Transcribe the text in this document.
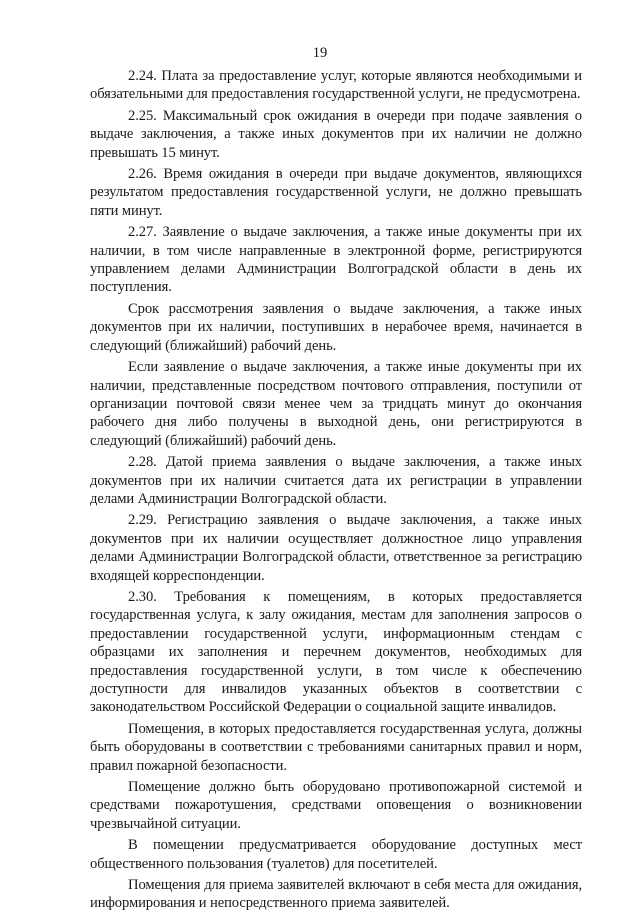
19

2.24. Плата за предоставление услуг, которые являются необходимыми и обязательными для предоставления государственной услуги, не предусмотрена.

2.25. Максимальный срок ожидания в очереди при подаче заявления о выдаче заключения, а также иных документов при их наличии не должно превышать 15 минут.

2.26. Время ожидания в очереди при выдаче документов, являющихся результатом предоставления государственной услуги, не должно превышать пяти минут.

2.27. Заявление о выдаче заключения, а также иные документы при их наличии, в том числе направленные в электронной форме, регистрируются управлением делами Администрации Волгоградской области в день их поступления.

Срок рассмотрения заявления о выдаче заключения, а также иных документов при их наличии, поступивших в нерабочее время, начинается в следующий (ближайший) рабочий день.

Если заявление о выдаче заключения, а также иные документы при их наличии, представленные посредством почтового отправления, поступили от организации почтовой связи менее чем за тридцать минут до окончания рабочего дня либо получены в выходной день, они регистрируются в следующий (ближайший) рабочий день.

2.28. Датой приема заявления о выдаче заключения, а также иных документов при их наличии считается дата их регистрации в управлении делами Администрации Волгоградской области.

2.29. Регистрацию заявления о выдаче заключения, а также иных документов при их наличии осуществляет должностное лицо управления делами Администрации Волгоградской области, ответственное за регистрацию входящей корреспонденции.

2.30. Требования к помещениям, в которых предоставляется государственная услуга, к залу ожидания, местам для заполнения запросов о предоставлении государственной услуги, информационным стендам с образцами их заполнения и перечнем документов, необходимых для предоставления государственной услуги, в том числе к обеспечению доступности для инвалидов указанных объектов в соответствии с законодательством Российской Федерации о социальной защите инвалидов.

Помещения, в которых предоставляется государственная услуга, должны быть оборудованы в соответствии с требованиями санитарных правил и норм, правил пожарной безопасности.

Помещение должно быть оборудовано противопожарной системой и средствами пожаротушения, средствами оповещения о возникновении чрезвычайной ситуации.

В помещении предусматривается оборудование доступных мест общественного пользования (туалетов) для посетителей.

Помещения для приема заявителей включают в себя места для ожидания, информирования и непосредственного приема заявителей.
